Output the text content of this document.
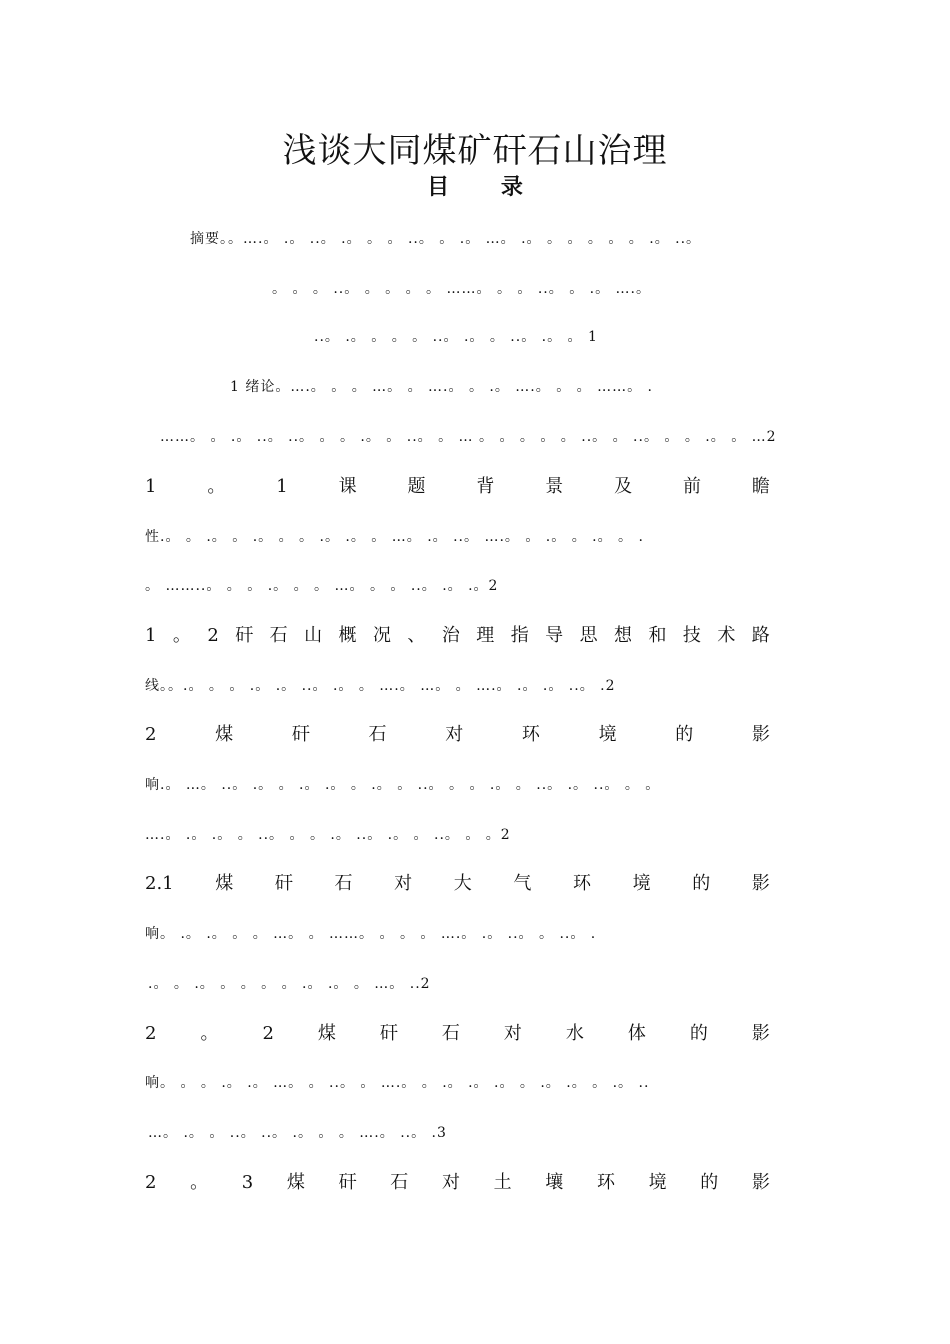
浅谈大同煤矿矸石山治理
目 录
摘要。。….。 .。 ..。 .。 。 。 ..。 。 .。 …。 .。 。 。 。 。 。 .。 ..。
。 。 。 ..。 。 。 。 。 ……。 。 。 ..。 。 .。 ….。
..。 .。 。 。 。 ..。 .。 。 ..。 .。 。 1
1 绪论。….。 。 。 …。 。 ….。 。 .。 ….。 。 。 ……。 .
……。 。 .。 ..。 ..。 。 。 .。 。 ..。 。 … 。 。 。 。 。 ..。 。 ..。 。 。 .。 。 …2
1	。	1	课	题	背	景	及	前	瞻
性.。 。 .。 。 .。 。 。 .。 .。 。 …。 .。 ..。 ….。 。 .。 。 .。 。 .
。 ……..。 。 。 .。 。 。 …。 。 。 ..。 .。 .。2
1 。 2 矸 石 山 概 况 、 治 理 指 导 思 想 和 技 术 路
线。。.。 。 。 .。 .。 ..。 .。 。 ….。 …。 。 ….。 .。 .。 ..。 .2
2	煤	矸	石	对	环	境	的	影
响.。 …。 ..。 .。 。 .。 .。 。 .。 。 ..。 。 。 .。 。 ..。 .。 ..。 。 。
….。 .。 .。 。 ..。 。 。 .。 ..。 .。 。 ..。 。 。2
2.1 煤 矸 石 对 大 气 环 境 的 影
响。 .。 .。 。 。 …。 。 ……。 。 。 。 ….。 .。 ..。 。 ..。 .
.。 。 .。 。 。 。 。 .。 .。 。 …。 ..2
2 。 2 煤 矸 石 对 水 体 的 影
响。 。 。 .。 .。 …。 。 ..。 。 ….。 。 .。 .。 .。 。 .。 .。 。 .。 ..
…。 .。 。 ..。 ..。 .。 。 。 ….。 ..。 .3
2 。 3 煤 矸 石 对 土 壤 环 境 的 影
